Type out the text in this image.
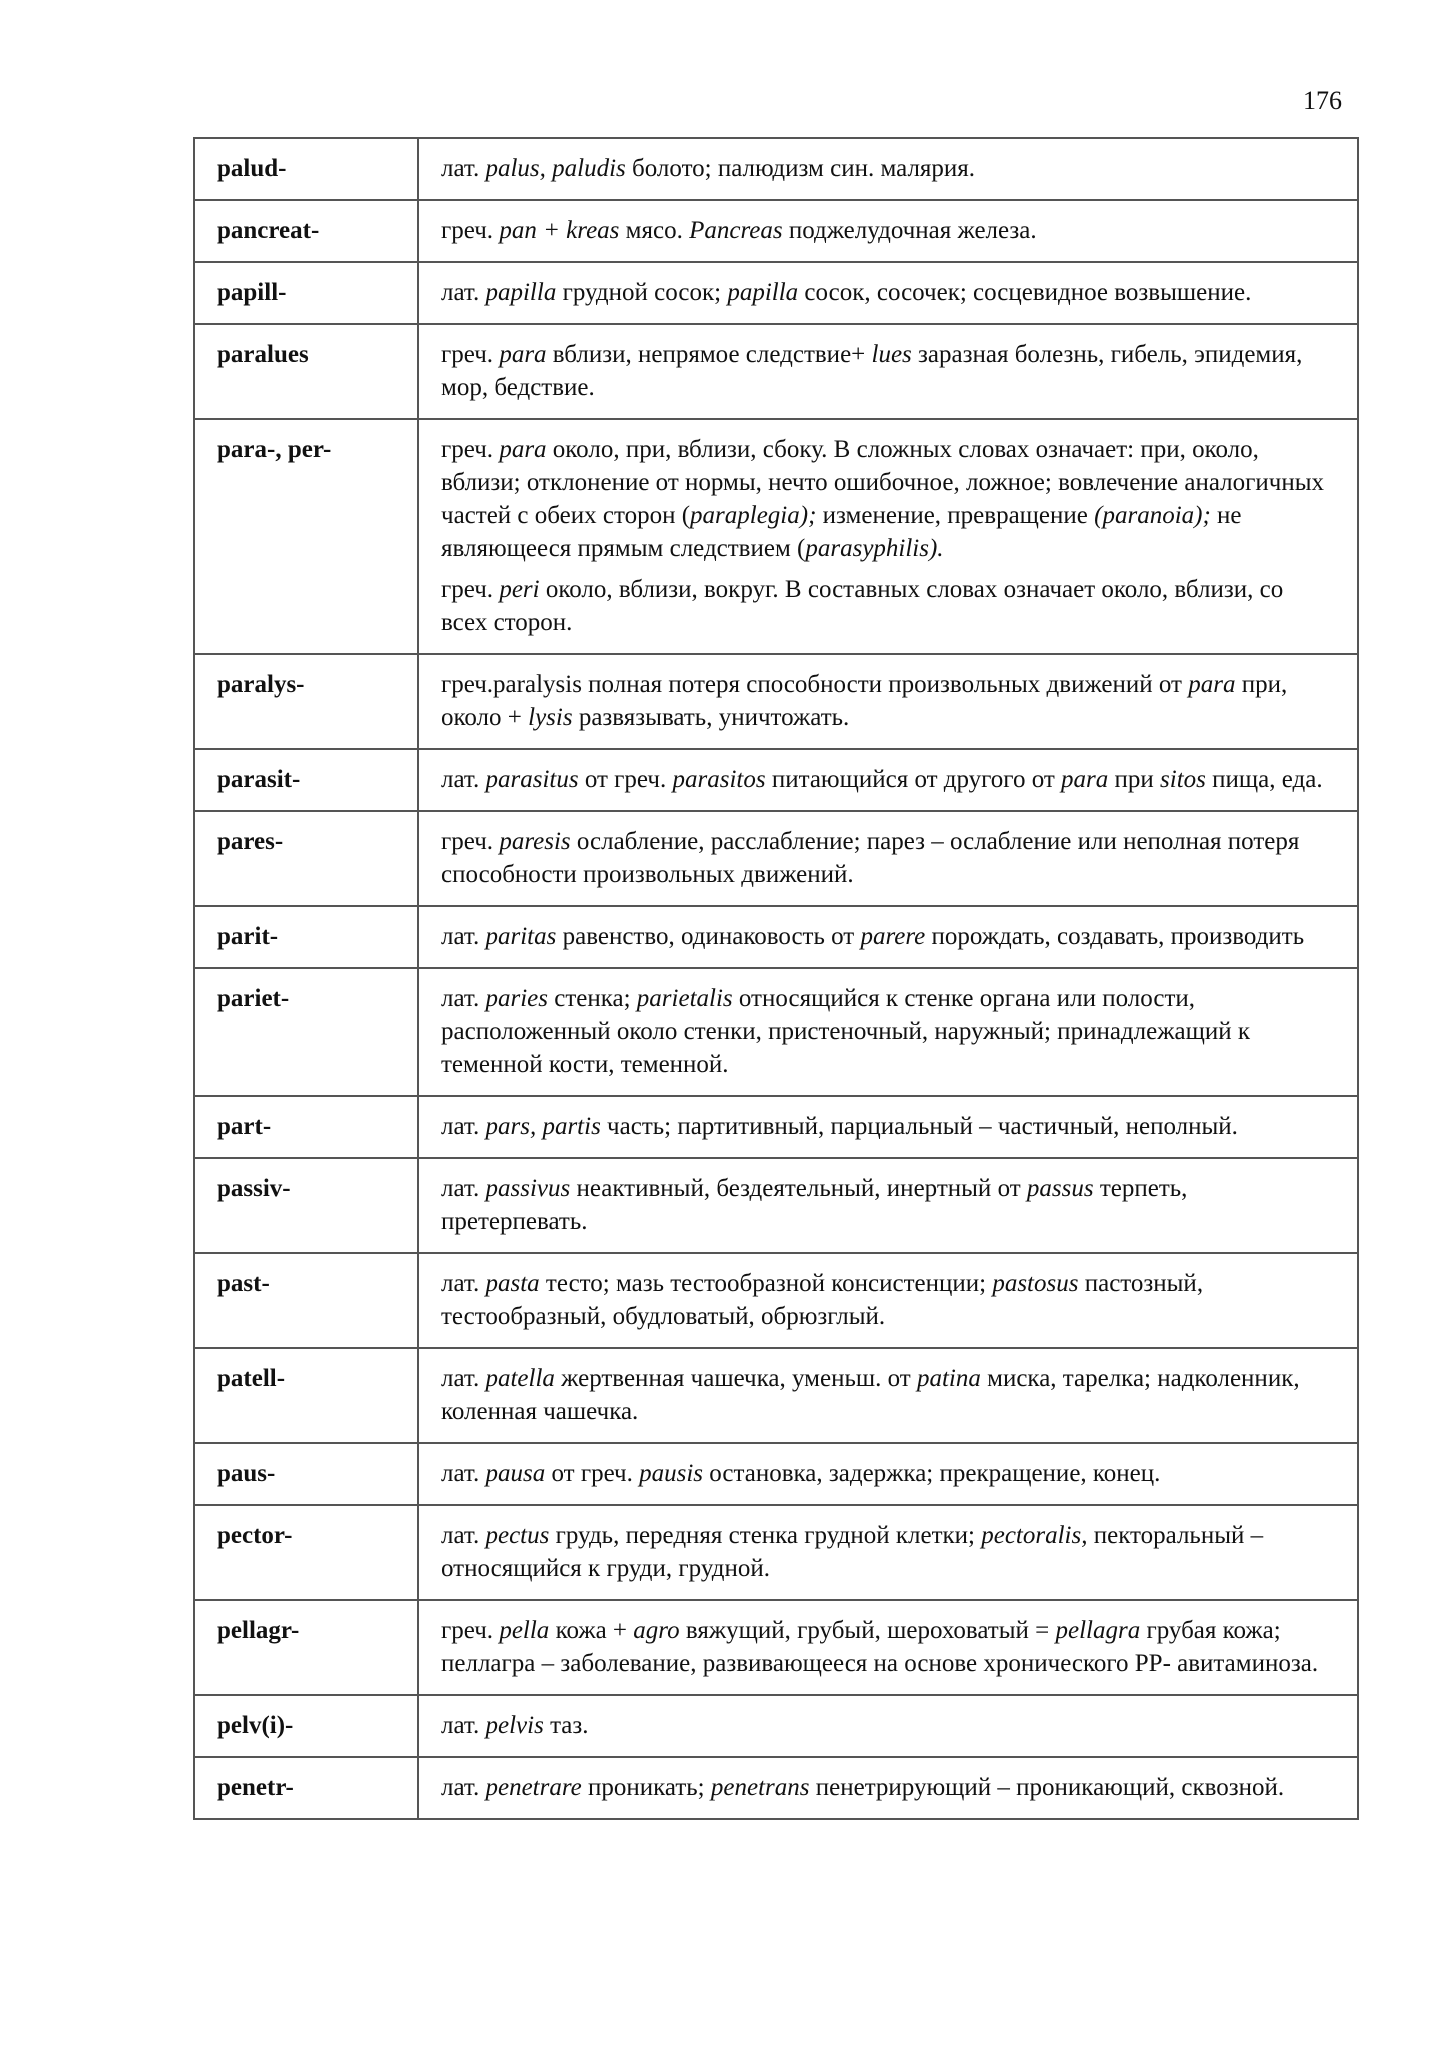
176
palud-	лат. palus, paludis болото; палюдизм син. малярия.

pancreat-	греч. pan + kreas мясо. Pancreas поджелудочная железа.

papill-	лат. papilla грудной сосок; papilla сосок, сосочек; сосцевидное возвышение.

paralues	греч. para вблизи, непрямое следствие+ lues заразная болезнь, гибель, эпидемия, мор, бедствие.

para-, per-	греч. para около, при, вблизи, сбоку. В сложных словах означает: при, около, вблизи; отклонение от нормы, нечто ошибочное, ложное; вовлечение аналогичных частей с обеих сторон (paraplegia); изменение, превращение (paranoia); не являющееся прямым следствием (parasyphilis).

греч. peri около, вблизи, вокруг. В составных словах означает около, вблизи, со всех сторон.

paralys-	греч.paralysis полная потеря способности произвольных движений от para при, около + lysis развязывать, уничтожать.

parasit-	лат. parasitus от греч. parasitos питающийся от другого от para при sitos пища, еда.

pares-	греч. paresis ослабление, расслабление; парез – ослабление или неполная потеря способности произвольных движений.

parit-	лат. paritas равенство, одинаковость от parere порождать, создавать, производить

pariet-	лат. paries стенка; parietalis относящийся к стенке органа или полости, расположенный около стенки, пристеночный, наружный; принадлежащий к теменной кости, теменной.

part-	лат. pars, partis часть; партитивный, парциальный – частичный, неполный.

passiv-	лат. passivus неактивный, бездеятельный, инертный от passus терпеть, претерпевать.

past-	лат. pasta тесто; мазь тестообразной консистенции; pastosus пастозный, тестообразный, обудловатый, обрюзглый.

patell-	лат. patella жертвенная чашечка, уменьш. от patina миска, тарелка; надколенник, коленная чашечка.

paus-	лат. pausa от греч. pausis остановка, задержка; прекращение, конец.

pector-	лат. pectus грудь, передняя стенка грудной клетки; pectoralis, пекторальный – относящийся к груди, грудной.

pellagr-	греч. pella кожа + agro вяжущий, грубый, шероховатый = pellagra грубая кожа; пеллагра – заболевание, развивающееся на основе хронического PP- авитаминоза.

pelv(i)-	лат. pelvis таз.

penetr-	лат. penetrare проникать; penetrans пенетрирующий – проникающий, сквозной.
